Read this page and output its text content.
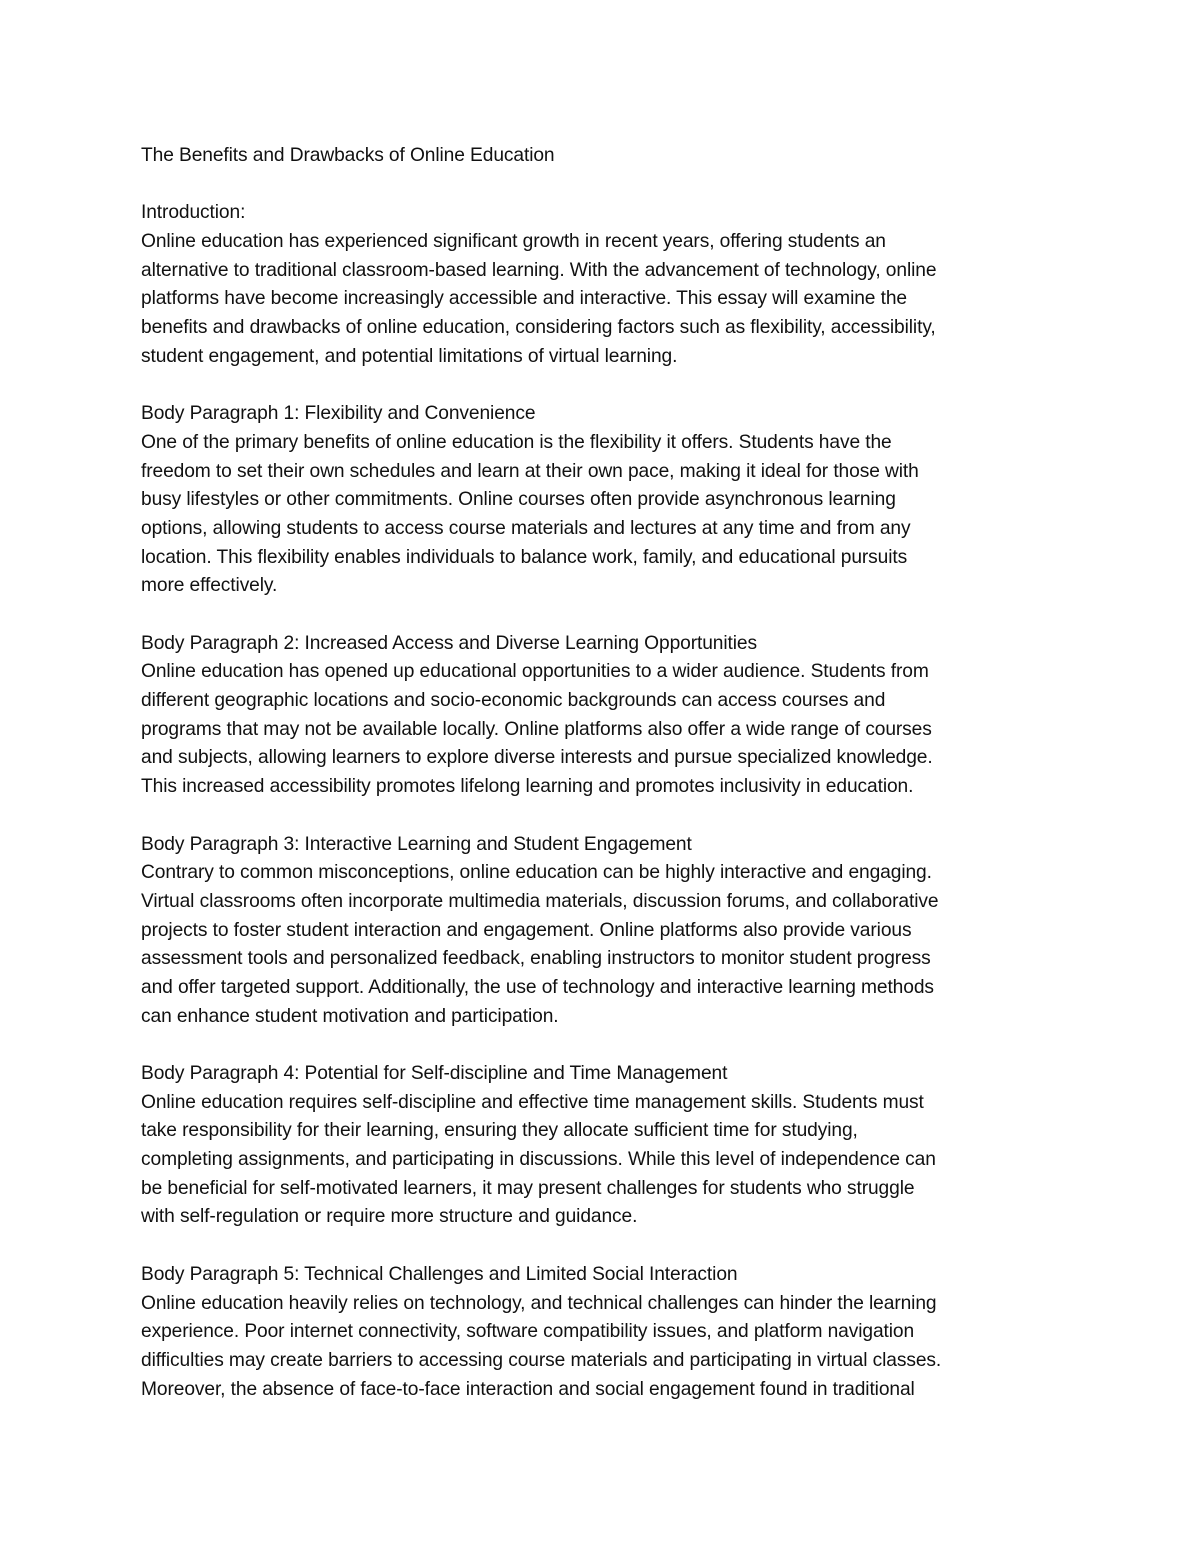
The Benefits and Drawbacks of Online Education
Introduction:
Online education has experienced significant growth in recent years, offering students an
alternative to traditional classroom-based learning. With the advancement of technology, online
platforms have become increasingly accessible and interactive. This essay will examine the
benefits and drawbacks of online education, considering factors such as flexibility, accessibility,
student engagement, and potential limitations of virtual learning.
Body Paragraph 1: Flexibility and Convenience
One of the primary benefits of online education is the flexibility it offers. Students have the
freedom to set their own schedules and learn at their own pace, making it ideal for those with
busy lifestyles or other commitments. Online courses often provide asynchronous learning
options, allowing students to access course materials and lectures at any time and from any
location. This flexibility enables individuals to balance work, family, and educational pursuits
more effectively.
Body Paragraph 2: Increased Access and Diverse Learning Opportunities
Online education has opened up educational opportunities to a wider audience. Students from
different geographic locations and socio-economic backgrounds can access courses and
programs that may not be available locally. Online platforms also offer a wide range of courses
and subjects, allowing learners to explore diverse interests and pursue specialized knowledge.
This increased accessibility promotes lifelong learning and promotes inclusivity in education.
Body Paragraph 3: Interactive Learning and Student Engagement
Contrary to common misconceptions, online education can be highly interactive and engaging.
Virtual classrooms often incorporate multimedia materials, discussion forums, and collaborative
projects to foster student interaction and engagement. Online platforms also provide various
assessment tools and personalized feedback, enabling instructors to monitor student progress
and offer targeted support. Additionally, the use of technology and interactive learning methods
can enhance student motivation and participation.
Body Paragraph 4: Potential for Self-discipline and Time Management
Online education requires self-discipline and effective time management skills. Students must
take responsibility for their learning, ensuring they allocate sufficient time for studying,
completing assignments, and participating in discussions. While this level of independence can
be beneficial for self-motivated learners, it may present challenges for students who struggle
with self-regulation or require more structure and guidance.
Body Paragraph 5: Technical Challenges and Limited Social Interaction
Online education heavily relies on technology, and technical challenges can hinder the learning
experience. Poor internet connectivity, software compatibility issues, and platform navigation
difficulties may create barriers to accessing course materials and participating in virtual classes.
Moreover, the absence of face-to-face interaction and social engagement found in traditional
